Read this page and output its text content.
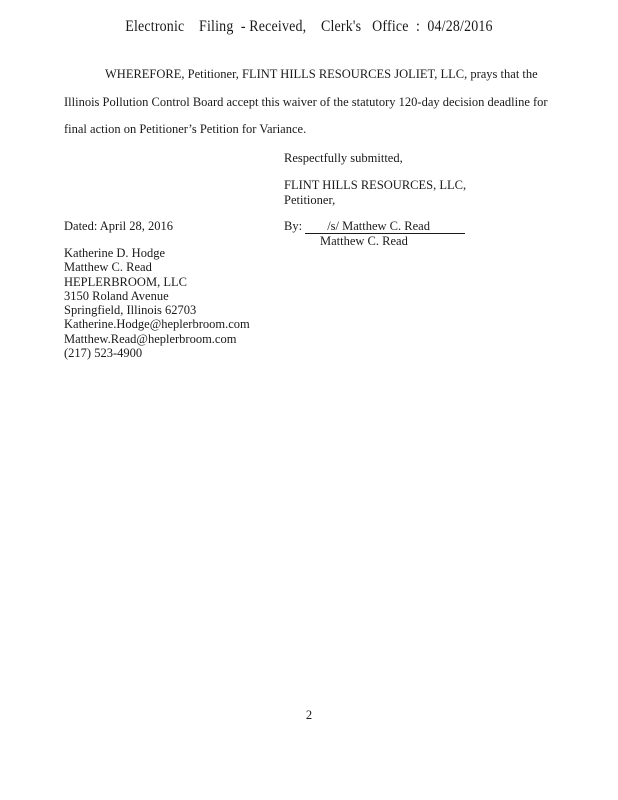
Electronic    Filing  - Received,    Clerk's   Office  :  04/28/2016

WHEREFORE, Petitioner, FLINT HILLS RESOURCES JOLIET, LLC, prays that the

Illinois Pollution Control Board accept this waiver of the statutory 120-day decision deadline for

final action on Petitioner’s Petition for Variance.

Respectfully submitted,

FLINT HILLS RESOURCES, LLC,

Petitioner,

Dated: April 28, 2016	By: /s/ Matthew C. Read
Matthew C. Read

Katherine D. Hodge

Matthew C. Read

HEPLERBROOM, LLC

3150 Roland Avenue

Springfield, Illinois 62703

Katherine.Hodge@heplerbroom.com

Matthew.Read@heplerbroom.com

(217) 523-4900

2
